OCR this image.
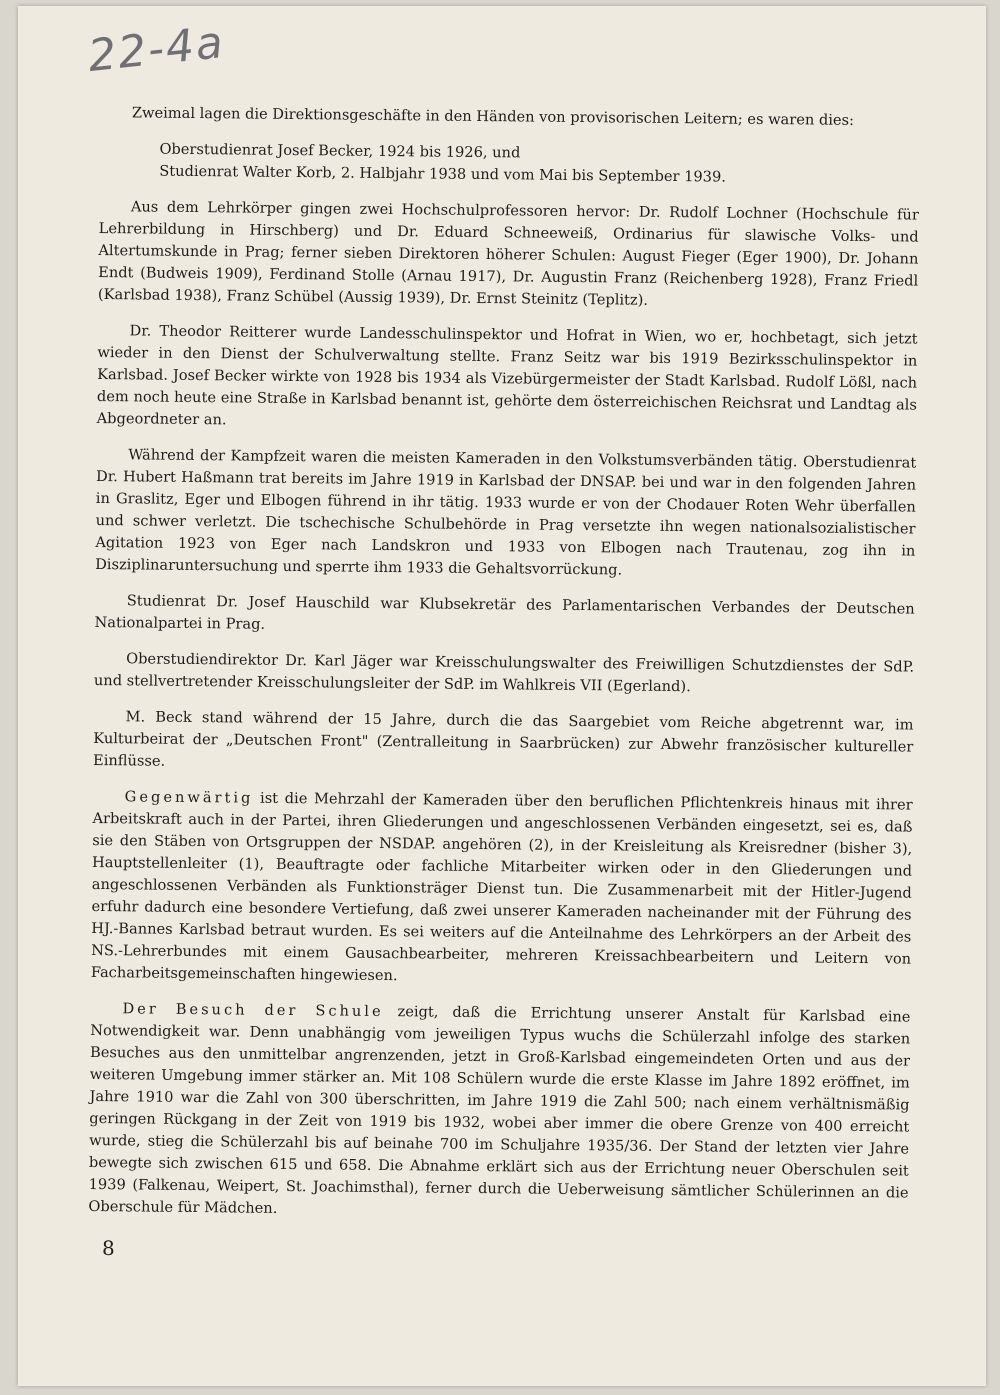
22-4a

Zweimal lagen die Direktionsgeschäfte in den Händen von provisorischen Leitern; es waren dies:

Oberstudienrat Josef Becker, 1924 bis 1926, und

Studienrat Walter Korb, 2. Halbjahr 1938 und vom Mai bis September 1939.

Aus dem Lehrkörper gingen zwei Hochschulprofessoren hervor: Dr. Rudolf Lochner (Hochschule für Lehrerbildung in Hirschberg) und Dr. Eduard Schneeweiß, Ordinarius für slawische Volks- und Altertumskunde in Prag; ferner sieben Direktoren höherer Schulen: August Fieger (Eger 1900), Dr. Johann Endt (Budweis 1909), Ferdinand Stolle (Arnau 1917), Dr. Augustin Franz (Reichenberg 1928), Franz Friedl (Karlsbad 1938), Franz Schübel (Aussig 1939), Dr. Ernst Steinitz (Teplitz).

Dr. Theodor Reitterer wurde Landesschulinspektor und Hofrat in Wien, wo er, hochbetagt, sich jetzt wieder in den Dienst der Schulverwaltung stellte. Franz Seitz war bis 1919 Bezirksschulinspektor in Karlsbad. Josef Becker wirkte von 1928 bis 1934 als Vizebürgermeister der Stadt Karlsbad. Rudolf Lößl, nach dem noch heute eine Straße in Karlsbad benannt ist, gehörte dem österreichischen Reichsrat und Landtag als Abgeordneter an.

Während der Kampfzeit waren die meisten Kameraden in den Volkstumsverbänden tätig. Oberstudienrat Dr. Hubert Haßmann trat bereits im Jahre 1919 in Karlsbad der DNSAP. bei und war in den folgenden Jahren in Graslitz, Eger und Elbogen führend in ihr tätig. 1933 wurde er von der Chodauer Roten Wehr überfallen und schwer verletzt. Die tschechische Schulbehörde in Prag versetzte ihn wegen nationalsozialistischer Agitation 1923 von Eger nach Landskron und 1933 von Elbogen nach Trautenau, zog ihn in Disziplinaruntersuchung und sperrte ihm 1933 die Gehaltsvorrückung.

Studienrat Dr. Josef Hauschild war Klubsekretär des Parlamentarischen Verbandes der Deutschen Nationalpartei in Prag.

Oberstudiendirektor Dr. Karl Jäger war Kreisschulungswalter des Freiwilligen Schutzdienstes der SdP. und stellvertretender Kreisschulungsleiter der SdP. im Wahlkreis VII (Egerland).

M. Beck stand während der 15 Jahre, durch die das Saargebiet vom Reiche abgetrennt war, im Kulturbeirat der „Deutschen Front" (Zentralleitung in Saarbrücken) zur Abwehr französischer kultureller Einflüsse.

Gegenwärtig ist die Mehrzahl der Kameraden über den beruflichen Pflichtenkreis hinaus mit ihrer Arbeitskraft auch in der Partei, ihren Gliederungen und angeschlossenen Verbänden eingesetzt, sei es, daß sie den Stäben von Ortsgruppen der NSDAP. angehören (2), in der Kreisleitung als Kreisredner (bisher 3), Hauptstellenleiter (1), Beauftragte oder fachliche Mitarbeiter wirken oder in den Gliederungen und angeschlossenen Verbänden als Funktionsträger Dienst tun. Die Zusammenarbeit mit der Hitler-Jugend erfuhr dadurch eine besondere Vertiefung, daß zwei unserer Kameraden nacheinander mit der Führung des HJ.-Bannes Karlsbad betraut wurden. Es sei weiters auf die Anteilnahme des Lehrkörpers an der Arbeit des NS.-Lehrerbundes mit einem Gausachbearbeiter, mehreren Kreissachbearbeitern und Leitern von Facharbeitsgemeinschaften hingewiesen.

Der Besuch der Schule zeigt, daß die Errichtung unserer Anstalt für Karlsbad eine Notwendigkeit war. Denn unabhängig vom jeweiligen Typus wuchs die Schülerzahl infolge des starken Besuches aus den unmittelbar angrenzenden, jetzt in Groß-Karlsbad eingemeindeten Orten und aus der weiteren Umgebung immer stärker an. Mit 108 Schülern wurde die erste Klasse im Jahre 1892 eröffnet, im Jahre 1910 war die Zahl von 300 überschritten, im Jahre 1919 die Zahl 500; nach einem verhältnismäßig geringen Rückgang in der Zeit von 1919 bis 1932, wobei aber immer die obere Grenze von 400 erreicht wurde, stieg die Schülerzahl bis auf beinahe 700 im Schuljahre 1935/36. Der Stand der letzten vier Jahre bewegte sich zwischen 615 und 658. Die Abnahme erklärt sich aus der Errichtung neuer Oberschulen seit 1939 (Falkenau, Weipert, St. Joachimsthal), ferner durch die Ueberweisung sämtlicher Schülerinnen an die Oberschule für Mädchen.

8
